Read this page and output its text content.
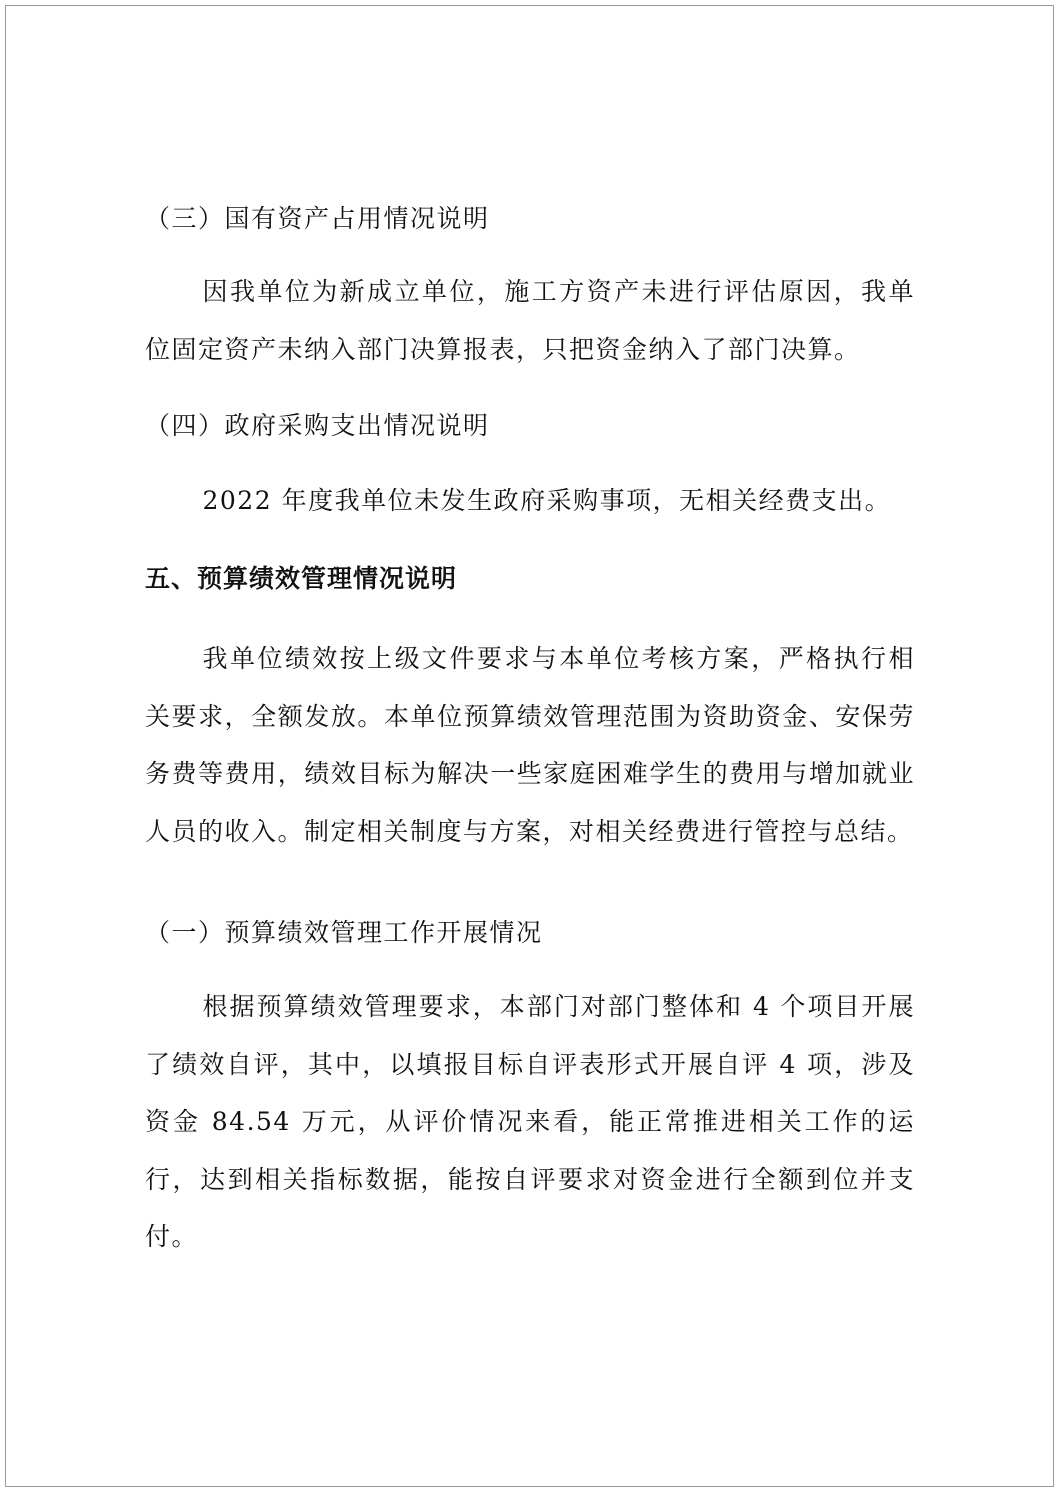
（三）国有资产占用情况说明
因我单位为新成立单位，施工方资产未进行评估原因，我单位固定资产未纳入部门决算报表，只把资金纳入了部门决算。
（四）政府采购支出情况说明
2022 年度我单位未发生政府采购事项，无相关经费支出。
五、预算绩效管理情况说明
我单位绩效按上级文件要求与本单位考核方案，严格执行相关要求，全额发放。本单位预算绩效管理范围为资助资金、安保劳务费等费用，绩效目标为解决一些家庭困难学生的费用与增加就业人员的收入。制定相关制度与方案，对相关经费进行管控与总结。
（一）预算绩效管理工作开展情况
根据预算绩效管理要求，本部门对部门整体和 4 个项目开展了绩效自评，其中，以填报目标自评表形式开展自评 4 项，涉及资金 84.54 万元，从评价情况来看，能正常推进相关工作的运行，达到相关指标数据，能按自评要求对资金进行全额到位并支付。
